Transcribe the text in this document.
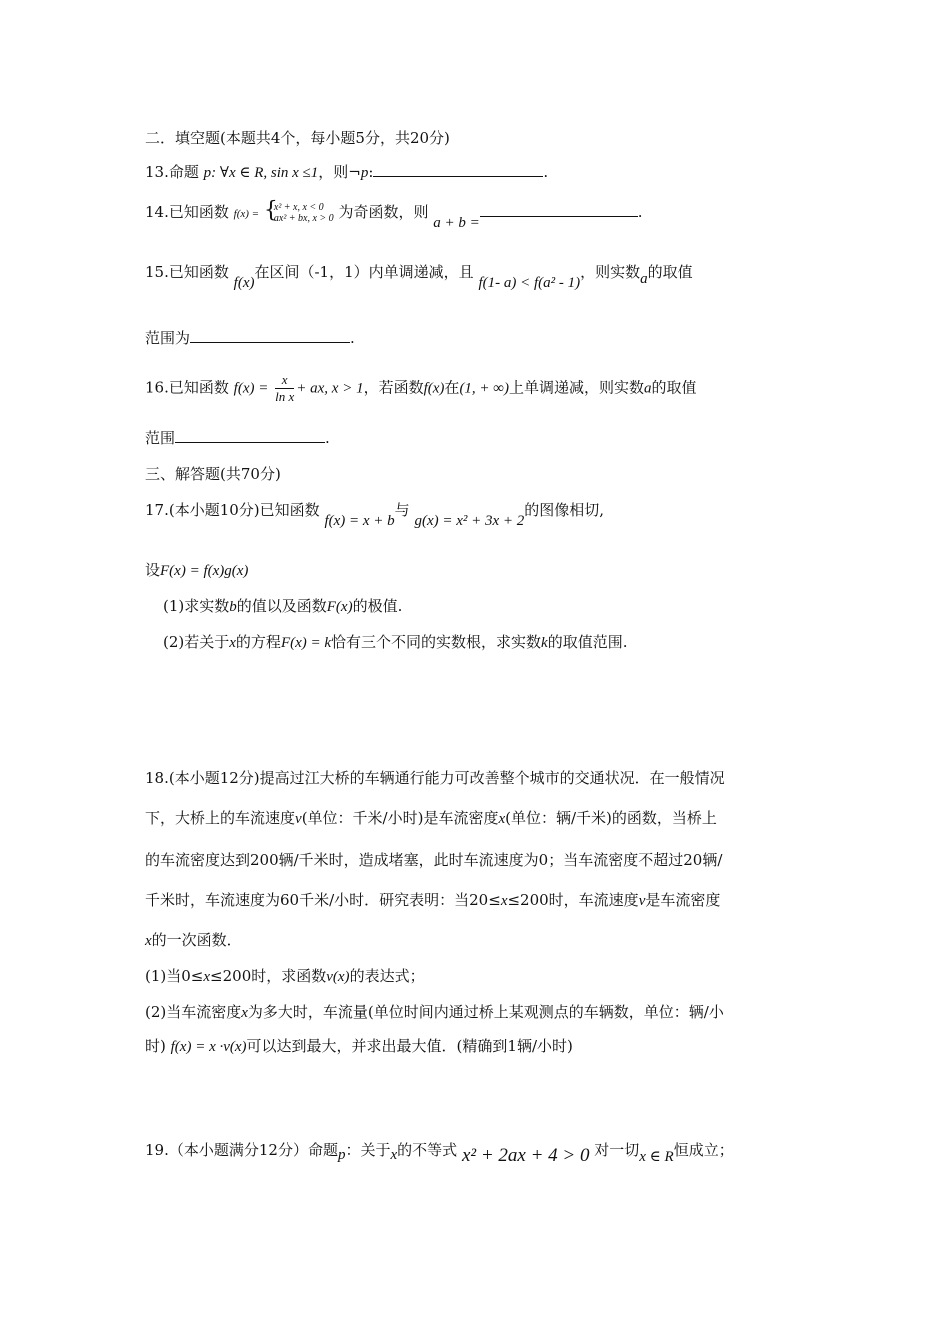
二．填空题(本题共4个，每小题5分，共20分)
13.命题 p: ∀x ∈ R, sin x ≤1，则¬p:	.
14.已知函数 f(x) = {
x² + x, x < 0
ax² + bx, x > 0 为奇函数，则 a + b =.
15.已知函数 f(x)在区间（-1，1）内单调递减，且 f(1- a) < f(a² - 1)，则实数a的取值
范围为	.
16.已知函数 $f(x) = \frac{x}{\text{ln x}}$ + ax, x > 1，若函数f(x)在(1, + ∞)上单调递减，则实数a的取值
范围	.
三、解答题(共70分)
17.(本小题10分)已知函数 f(x) = x + b与 g(x) = x² + 3x + 2的图像相切,
设F(x) = f(x)g(x)
(1)求实数b的值以及函数F(x)的极值.
(2)若关于x的方程F(x) = k恰有三个不同的实数根，求实数k的取值范围.
18.(本小题12分)提高过江大桥的车辆通行能力可改善整个城市的交通状况．在一般情况
下，大桥上的车流速度v(单位：千米/小时)是车流密度x(单位：辆/千米)的函数，当桥上
的车流密度达到200辆/千米时，造成堵塞，此时车流速度为0；当车流密度不超过20辆/
千米时，车流速度为60千米/小时．研究表明：当20≤x≤200时，车流速度v是车流密度
x的一次函数．
(1)当0≤x≤200时，求函数v(x)的表达式；
(2)当车流密度x为多大时，车流量(单位时间内通过桥上某观测点的车辆数，单位：辆/小
时) f(x) = x ·v(x)可以达到最大，并求出最大值．(精确到1辆/小时)
19.（本小题满分12分）命题p：关于x的不等式 x² + 2ax + 4 > 0 对一切x ∈ R恒成立；
